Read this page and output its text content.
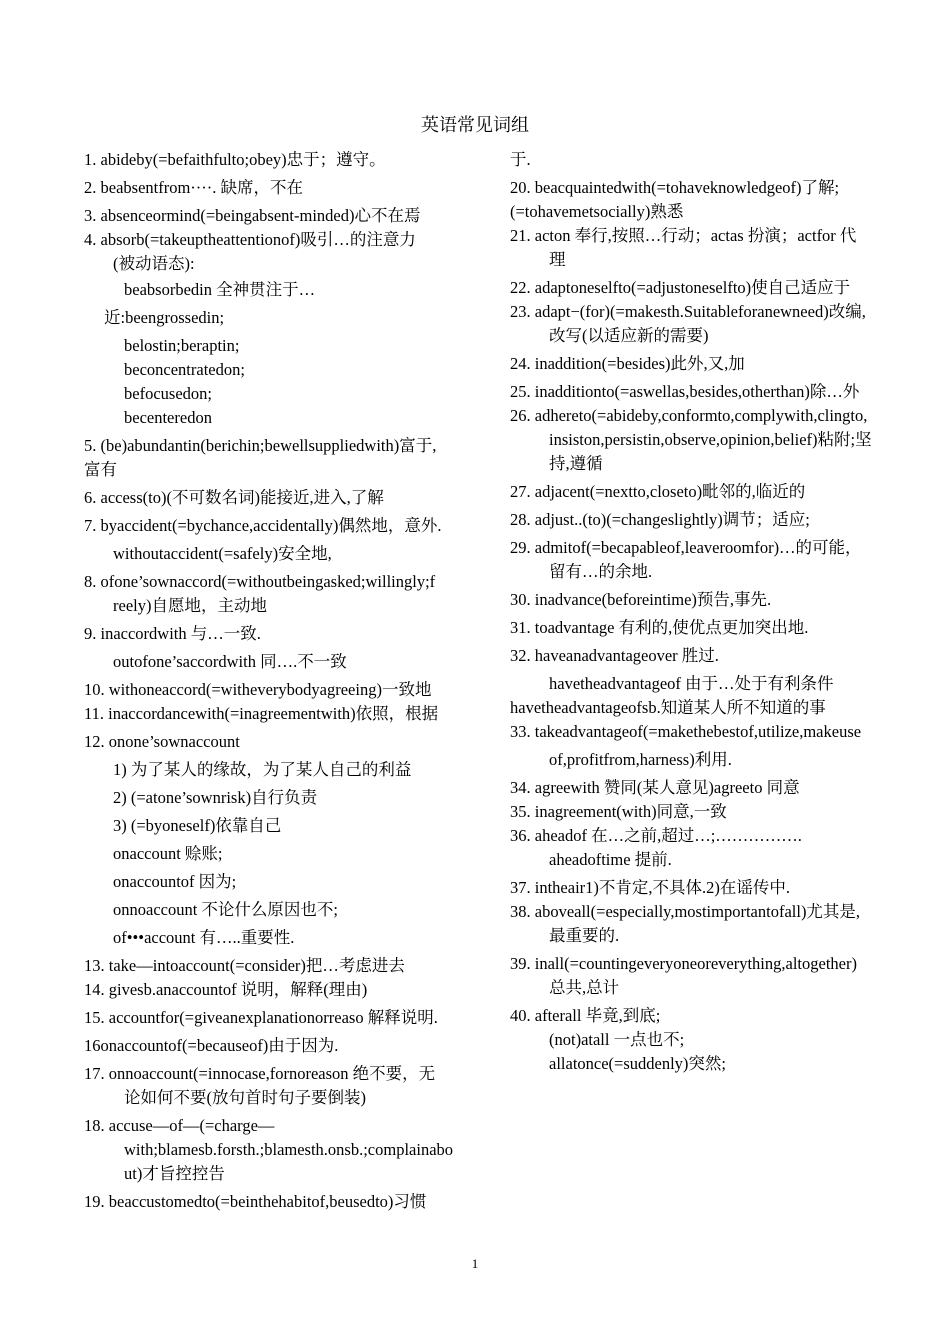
英语常见词组
1. abideby(=befaithfulto;obey)忠于；遵守。
2. beabsentfrom····. 缺席，不在
3. absenceormind(=beingabsent-minded)心不在焉
4. absorb(=takeuptheattentionof)吸引…的注意力
(被动语态):
beabsorbedin 全神贯注于…
近:beengrossedin;
belostin;beraptin;
beconcentratedon;
befocusedon;
becenteredon
5. (be)abundantin(berichin;bewellsuppliedwith)富于,
富有
6. access(to)(不可数名词)能接近,进入,了解
7. byaccident(=bychance,accidentally)偶然地，意外.
withoutaccident(=safely)安全地,
8. ofone’sownaccord(=withoutbeingasked;willingly;f
reely)自愿地，主动地
9. inaccordwith 与…一致.
outofone’saccordwith 同….不一致
10. withoneaccord(=witheverybodyagreeing)一致地
11. inaccordancewith(=inagreementwith)依照，根据
12. onone’sownaccount
1) 为了某人的缘故，为了某人自己的利益
2) (=atone’sownrisk)自行负责
3) (=byoneself)依靠自己
onaccount 赊账;
onaccountof 因为;
onnoaccount 不论什么原因也不;
of•••account 有…..重要性.
13. take—intoaccount(=consider)把…考虑进去
14. givesb.anaccountof 说明，解释(理由)
15. accountfor(=giveanexplanationorreaso 解释说明.
16onaccountof(=becauseof)由于因为.
17. onnoaccount(=innocase,fornoreason 绝不要，无
论如何不要(放句首时句子要倒装)
18. accuse—of—(=charge—
with;blamesb.forsth.;blamesth.onsb.;complainabo
ut)才旨控控告
19. beaccustomedto(=beinthehabitof,beusedto)习惯
于.
20. beacquaintedwith(=tohaveknowledgeof)了解;
(=tohavemetsocially)熟悉
21. acton 奉行,按照…行动；actas 扮演；actfor 代
理
22. adaptoneselfto(=adjustoneselfto)使自己适应于
23. adapt−(for)(=makesth.Suitableforanewneed)改编,
改写(以适应新的需要)
24. inaddition(=besides)此外,又,加
25. inadditionto(=aswellas,besides,otherthan)除…外
26. adhereto(=abideby,conformto,complywith,clingto,
insiston,persistin,observe,opinion,belief)粘附;坚
持,遵循
27. adjacent(=nextto,closeto)毗邻的,临近的
28. adjust..(to)(=changeslightly)调节；适应;
29. admitof(=becapableof,leaveroomfor)…的可能，
留有…的余地.
30. inadvance(beforeintime)预告,事先.
31. toadvantage 有利的,使优点更加突出地.
32. haveanadvantageover 胜过.
havetheadvantageof 由于…处于有利条件
havetheadvantageofsb.知道某人所不知道的事
33. takeadvantageof(=makethebestof,utilize,makeuse
of,profitfrom,harness)利用.
34. agreewith 赞同(某人意见)agreeto 同意
35. inagreement(with)同意,一致
36. aheadof 在…之前,超过…;…………….
aheadoftime 提前.
37. intheair1)不肯定,不具体.2)在谣传中.
38. aboveall(=especially,mostimportantofall)尤其是,
最重要的.
39. inall(=countingeveryoneoreverything,altogether)
总共,总计
40. afterall 毕竟,到底;
(not)atall 一点也不;
allatonce(=suddenly)突然;
1
